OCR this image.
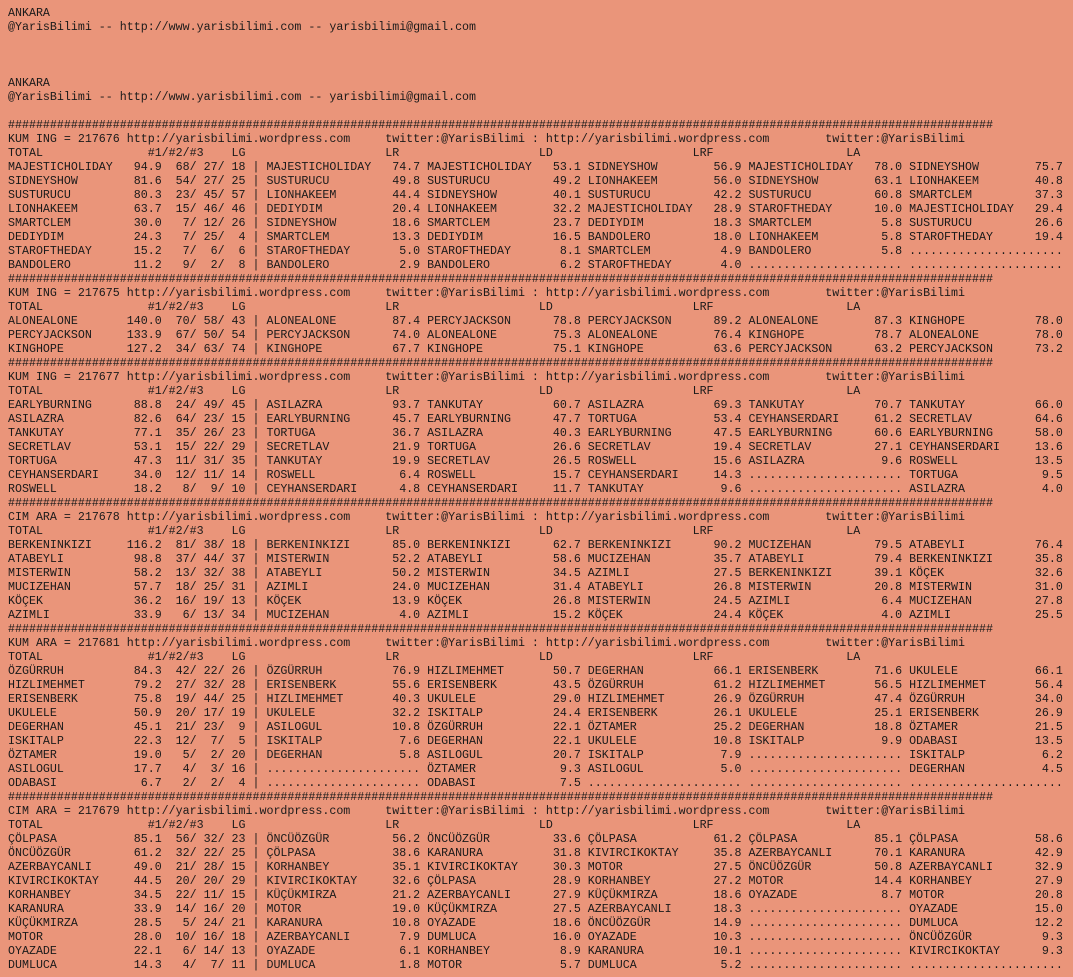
ANKARA
@YarisBilimi -- http://www.yarisbilimi.com -- yarisbilimi@gmail.com
ANKARA
@YarisBilimi -- http://www.yarisbilimi.com -- yarisbilimi@gmail.com
#############################################################################################################################################
KUM ING = 217676 http://yarisbilimi.wordpress.com     twitter:@YarisBilimi : http://yarisbilimi.wordpress.com        twitter:@YarisBilimi
TOTAL               #1/#2/#3    LG                    LR                    LD                    LRF                   LA
MAJESTICHOLIDAY   94.9  68/ 27/ 18 | MAJESTICHOLIDAY   74.7 MAJESTICHOLIDAY   53.1 SIDNEYSHOW        56.9 MAJESTICHOLIDAY   78.0 SIDNEYSHOW        75.7
SIDNEYSHOW        81.6  54/ 27/ 25 | SUSTURUCU         49.8 SUSTURUCU         49.2 LIONHAKEEM        56.0 SIDNEYSHOW        63.1 LIONHAKEEM        40.8
SUSTURUCU         80.3  23/ 45/ 57 | LIONHAKEEM        44.4 SIDNEYSHOW        40.1 SUSTURUCU         42.2 SUSTURUCU         60.8 SMARTCLEM         37.3
LIONHAKEEM        63.7  15/ 46/ 46 | DEDIYDIM          20.4 LIONHAKEEM        32.2 MAJESTICHOLIDAY   28.9 STAROFTHEDAY      10.0 MAJESTICHOLIDAY   29.4
SMARTCLEM         30.0   7/ 12/ 26 | SIDNEYSHOW        18.6 SMARTCLEM         23.7 DEDIYDIM          18.3 SMARTCLEM          5.8 SUSTURUCU         26.6
DEDIYDIM          24.3   7/ 25/  4 | SMARTCLEM         13.3 DEDIYDIM          16.5 BANDOLERO         18.0 LIONHAKEEM         5.8 STAROFTHEDAY      19.4
STAROFTHEDAY      15.2   7/  6/  6 | STAROFTHEDAY       5.0 STAROFTHEDAY       8.1 SMARTCLEM          4.9 BANDOLERO          5.8 ......................
BANDOLERO         11.2   9/  2/  8 | BANDOLERO          2.9 BANDOLERO          6.2 STAROFTHEDAY       4.0 ...................... ......................
#############################################################################################################################################
KUM ING = 217675 http://yarisbilimi.wordpress.com     twitter:@YarisBilimi : http://yarisbilimi.wordpress.com        twitter:@YarisBilimi
TOTAL               #1/#2/#3    LG                    LR                    LD                    LRF                   LA
ALONEALONE       140.0  70/ 58/ 43 | ALONEALONE        87.4 PERCYJACKSON      78.8 PERCYJACKSON      89.2 ALONEALONE        87.3 KINGHOPE          78.0
PERCYJACKSON     133.9  67/ 50/ 54 | PERCYJACKSON      74.0 ALONEALONE        75.3 ALONEALONE        76.4 KINGHOPE          78.7 ALONEALONE        78.0
KINGHOPE         127.2  34/ 63/ 74 | KINGHOPE          67.7 KINGHOPE          75.1 KINGHOPE          63.6 PERCYJACKSON      63.2 PERCYJACKSON      73.2
#############################################################################################################################################
KUM ING = 217677 http://yarisbilimi.wordpress.com     twitter:@YarisBilimi : http://yarisbilimi.wordpress.com        twitter:@YarisBilimi
TOTAL               #1/#2/#3    LG                    LR                    LD                    LRF                   LA
EARLYBURNING      88.8  24/ 49/ 45 | ASILAZRA          93.7 TANKUTAY          60.7 ASILAZRA          69.3 TANKUTAY          70.7 TANKUTAY          66.0
ASILAZRA          82.6  64/ 23/ 15 | EARLYBURNING      45.7 EARLYBURNING      47.7 TORTUGA           53.4 CEYHANSERDARI     61.2 SECRETLAV         64.6
TANKUTAY          77.1  35/ 26/ 23 | TORTUGA           36.7 ASILAZRA          40.3 EARLYBURNING      47.5 EARLYBURNING      60.6 EARLYBURNING      58.0
SECRETLAV         53.1  15/ 22/ 29 | SECRETLAV         21.9 TORTUGA           26.6 SECRETLAV         19.4 SECRETLAV         27.1 CEYHANSERDARI     13.6
TORTUGA           47.3  11/ 31/ 35 | TANKUTAY          19.9 SECRETLAV         26.5 ROSWELL           15.6 ASILAZRA           9.6 ROSWELL           13.5
CEYHANSERDARI     34.0  12/ 11/ 14 | ROSWELL            6.4 ROSWELL           15.7 CEYHANSERDARI     14.3 ...................... TORTUGA            9.5
ROSWELL           18.2   8/  9/ 10 | CEYHANSERDARI      4.8 CEYHANSERDARI     11.7 TANKUTAY           9.6 ...................... ASILAZRA           4.0
#############################################################################################################################################
CIM ARA = 217678 http://yarisbilimi.wordpress.com     twitter:@YarisBilimi : http://yarisbilimi.wordpress.com        twitter:@YarisBilimi
TOTAL               #1/#2/#3    LG                    LR                    LD                    LRF                   LA
BERKENINKIZI     116.2  81/ 38/ 18 | BERKENINKIZI      85.0 BERKENINKIZI      62.7 BERKENINKIZI      90.2 MUCIZEHAN         79.5 ATABEYLI          76.4
ATABEYLI          98.8  37/ 44/ 37 | MISTERWIN         52.2 ATABEYLI          58.6 MUCIZEHAN         35.7 ATABEYLI          79.4 BERKENINKIZI      35.8
MISTERWIN         58.2  13/ 32/ 38 | ATABEYLI          50.2 MISTERWIN         34.5 AZIMLI            27.5 BERKENINKIZI      39.1 KÖÇEK             32.6
MUCIZEHAN         57.7  18/ 25/ 31 | AZIMLI            24.0 MUCIZEHAN         31.4 ATABEYLI          26.8 MISTERWIN         20.8 MISTERWIN         31.0
KÖÇEK             36.2  16/ 19/ 13 | KÖÇEK             13.9 KÖÇEK             26.8 MISTERWIN         24.5 AZIMLI             6.4 MUCIZEHAN         27.8
AZIMLI            33.9   6/ 13/ 34 | MUCIZEHAN          4.0 AZIMLI            15.2 KÖÇEK             24.4 KÖÇEK              4.0 AZIMLI            25.5
#############################################################################################################################################
KUM ARA = 217681 http://yarisbilimi.wordpress.com     twitter:@YarisBilimi : http://yarisbilimi.wordpress.com        twitter:@YarisBilimi
TOTAL               #1/#2/#3    LG                    LR                    LD                    LRF                   LA
ÖZGÜRRUH          84.3  42/ 22/ 26 | ÖZGÜRRUH          76.9 HIZLIMEHMET       50.7 DEGERHAN          66.1 ERISENBERK        71.6 UKULELE           66.1
HIZLIMEHMET       79.2  27/ 32/ 28 | ERISENBERK        55.6 ERISENBERK        43.5 ÖZGÜRRUH          61.2 HIZLIMEHMET       56.5 HIZLIMEHMET       56.4
ERISENBERK        75.8  19/ 44/ 25 | HIZLIMEHMET       40.3 UKULELE           29.0 HIZLIMEHMET       26.9 ÖZGÜRRUH          47.4 ÖZGÜRRUH          34.0
UKULELE           50.9  20/ 17/ 19 | UKULELE           32.2 ISKITALP          24.4 ERISENBERK        26.1 UKULELE           25.1 ERISENBERK        26.9
DEGERHAN          45.1  21/ 23/  9 | ASILOGUL          10.8 ÖZGÜRRUH          22.1 ÖZTAMER           25.2 DEGERHAN          18.8 ÖZTAMER           21.5
ISKITALP          22.3  12/  7/  5 | ISKITALP           7.6 DEGERHAN          22.1 UKULELE           10.8 ISKITALP           9.9 ODABASI           13.5
ÖZTAMER           19.0   5/  2/ 20 | DEGERHAN           5.8 ASILOGUL          20.7 ISKITALP           7.9 ...................... ISKITALP           6.2
ASILOGUL          17.7   4/  3/ 16 | ...................... ÖZTAMER            9.3 ASILOGUL           5.0 ...................... DEGERHAN           4.5
ODABASI            6.7   2/  2/  4 | ...................... ODABASI            7.5 ...................... ...................... ......................
#############################################################################################################################################
CIM ARA = 217679 http://yarisbilimi.wordpress.com     twitter:@YarisBilimi : http://yarisbilimi.wordpress.com        twitter:@YarisBilimi
TOTAL               #1/#2/#3    LG                    LR                    LD                    LRF                   LA
ÇÖLPASA           85.1  56/ 32/ 23 | ÖNCÜÖZGÜR         56.2 ÖNCÜÖZGÜR         33.6 ÇÖLPASA           61.2 ÇÖLPASA           85.1 ÇÖLPASA           58.6
ÖNCÜÖZGÜR         61.2  32/ 22/ 25 | ÇÖLPASA           38.6 KARANURA          31.8 KIVIRCIKOKTAY     35.8 AZERBAYCANLI      70.1 KARANURA          42.9
AZERBAYCANLI      49.0  21/ 28/ 15 | KORHANBEY         35.1 KIVIRCIKOKTAY     30.3 MOTOR             27.5 ÖNCÜÖZGÜR         50.8 AZERBAYCANLI      32.9
KIVIRCIKOKTAY     44.5  20/ 20/ 29 | KIVIRCIKOKTAY     32.6 ÇÖLPASA           28.9 KORHANBEY         27.2 MOTOR             14.4 KORHANBEY         27.9
KORHANBEY         34.5  22/ 11/ 15 | KÜÇÜKMIRZA        21.2 AZERBAYCANLI      27.9 KÜÇÜKMIRZA        18.6 OYAZADE            8.7 MOTOR             20.8
KARANURA          33.9  14/ 16/ 20 | MOTOR             19.0 KÜÇÜKMIRZA        27.5 AZERBAYCANLI      18.3 ...................... OYAZADE           15.0
KÜÇÜKMIRZA        28.5   5/ 24/ 21 | KARANURA          10.8 OYAZADE           18.6 ÖNCÜÖZGÜR         14.9 ...................... DUMLUCA           12.2
MOTOR             28.0  10/ 16/ 18 | AZERBAYCANLI       7.9 DUMLUCA           16.0 OYAZADE           10.3 ...................... ÖNCÜÖZGÜR          9.3
OYAZADE           22.1   6/ 14/ 13 | OYAZADE            6.1 KORHANBEY          8.9 KARANURA          10.1 ...................... KIVIRCIKOKTAY      9.3
DUMLUCA           14.3   4/  7/ 11 | DUMLUCA            1.8 MOTOR              5.7 DUMLUCA            5.2 ...................... ......................
